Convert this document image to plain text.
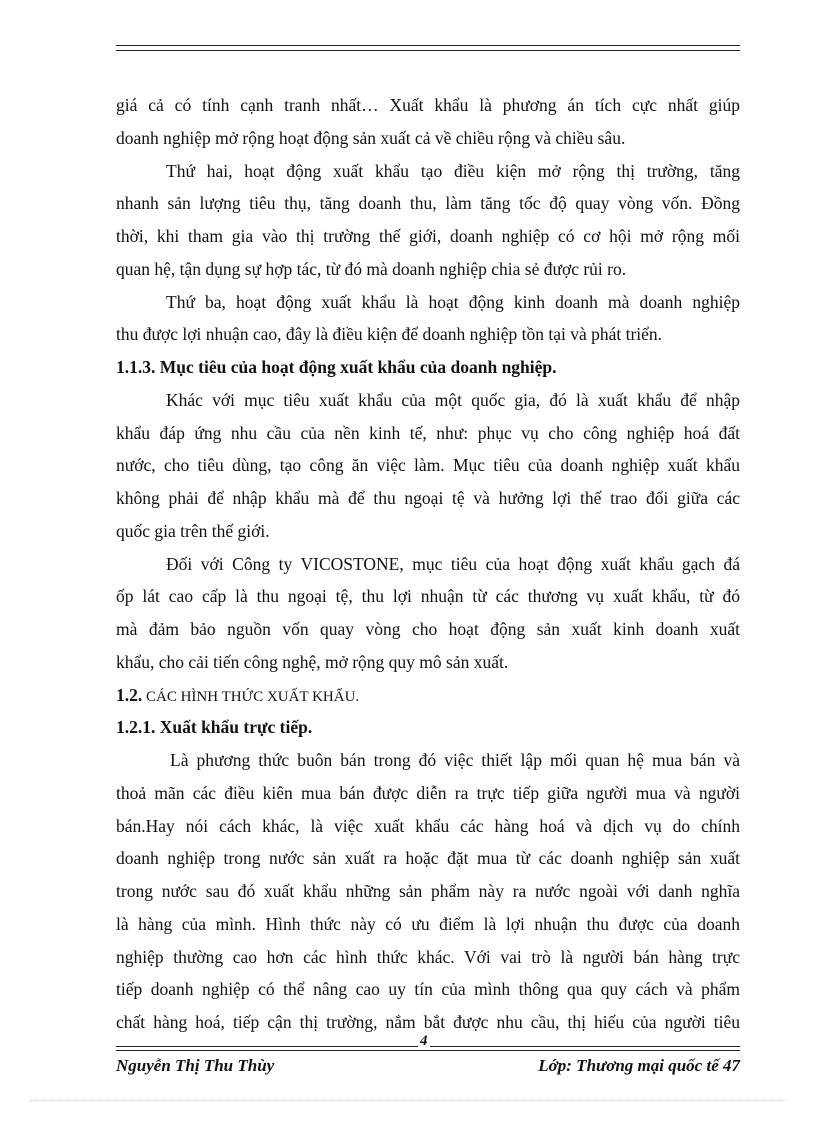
giá cả có tính cạnh tranh nhất… Xuất khẩu là phương án tích cực nhất giúp
doanh nghiệp mở rộng hoạt động sản xuất cả về chiều rộng và chiều sâu.
Thứ hai, hoạt động xuất khẩu tạo điều kiện mở rộng thị trường, tăng
nhanh sản lượng tiêu thụ, tăng doanh thu, làm tăng tốc độ quay vòng vốn. Đồng
thời, khi tham gia vào thị trường thế giới, doanh nghiệp có cơ hội mở rộng mối
quan hệ, tận dụng sự hợp tác, từ đó mà doanh nghiệp chia sẻ được rủi ro.
Thứ ba, hoạt động xuất khẩu là hoạt động kinh doanh mà doanh nghiệp
thu được lợi nhuận cao, đây là điều kiện để doanh nghiệp tồn tại và phát triển.
1.1.3. Mục tiêu của hoạt động xuất khẩu của doanh nghiệp.
Khác với mục tiêu xuất khẩu của một quốc gia, đó là xuất khẩu để nhập
khẩu đáp ứng nhu cầu của nền kinh tế, như: phục vụ cho công nghiệp hoá đất
nước, cho tiêu dùng, tạo công ăn việc làm. Mục tiêu của doanh nghiệp xuất khẩu
không phải để nhập khẩu mà để thu ngoại tệ và hưởng lợi thế trao đổi giữa các
quốc gia trên thế giới.
Đối với Công ty VICOSTONE, mục tiêu của hoạt động xuất khẩu gạch đá
ốp lát cao cấp là thu ngoại tệ, thu lợi nhuận từ các thương vụ xuất khẩu, từ đó
mà đảm bảo nguồn vốn quay vòng cho hoạt động sản xuất kinh doanh xuất
khẩu, cho cải tiến công nghệ, mở rộng quy mô sản xuất.
1.2. CÁC HÌNH THỨC XUẤT KHẨU.
1.2.1. Xuất khẩu trực tiếp.
Là phương thức buôn bán trong đó việc thiết lập mối quan hệ mua bán và
thoả mãn các điều kiên mua bán được diễn ra trực tiếp giữa người mua và người
bán.Hay nói cách khác, là việc xuất khẩu các hàng hoá và dịch vụ do chính
doanh nghiệp trong nước sản xuất ra hoặc đặt mua từ các doanh nghiệp sản xuất
trong nước sau đó xuất khẩu những sản phẩm này ra nước ngoài với danh nghĩa
là hàng của mình. Hình thức này có ưu điểm là lợi nhuận thu được của doanh
nghiệp thường cao hơn các hình thức khác. Với vai trò là người bán hàng trực
tiếp doanh nghiệp có thể nâng cao uy tín của mình thông qua quy cách và phẩm
chất hàng hoá, tiếp cận thị trường, nắm bắt được nhu cầu, thị hiếu của người tiêu
4
Nguyễn Thị Thu Thùy	Lớp: Thương mại quốc tế 47
